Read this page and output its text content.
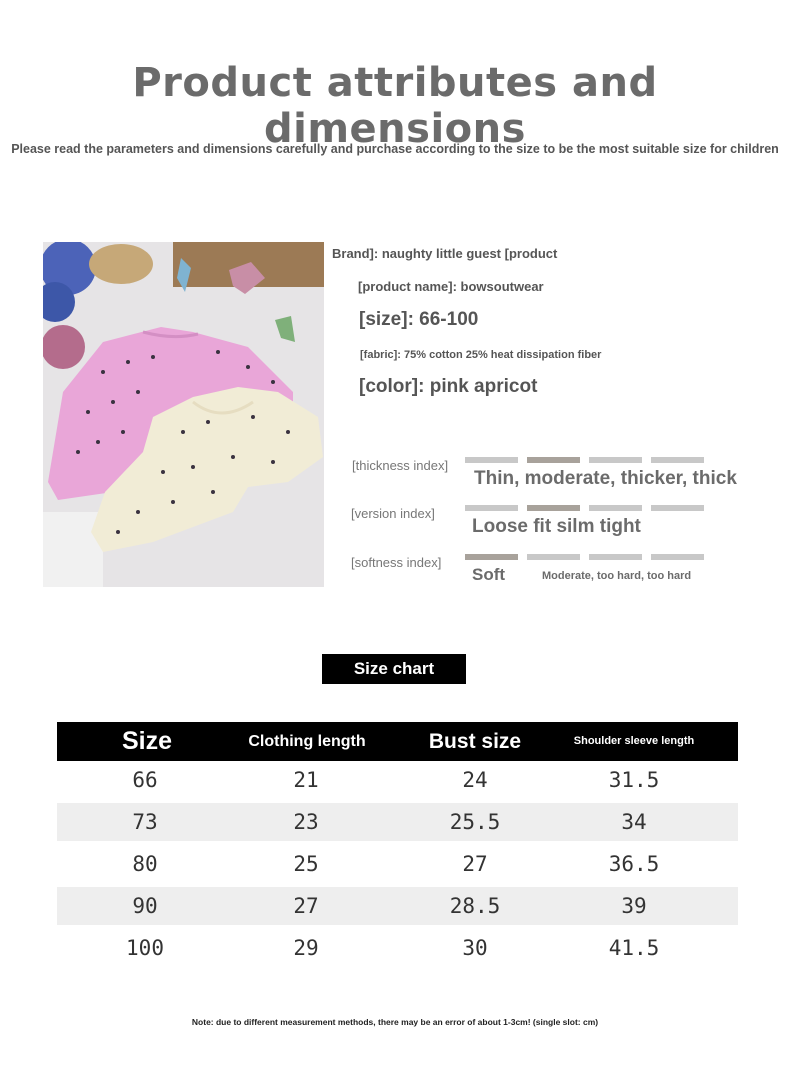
Product attributes and dimensions
Please read the parameters and dimensions carefully and purchase according to the size to be the most suitable size for children
Brand]: naughty little guest [product
[product name]: bowsoutwear
[size]: 66-100
[fabric]: 75% cotton 25% heat dissipation fiber
[color]: pink apricot
[thickness index]
Thin, moderate, thicker, thick
[version index]
Loose fit silm tight
[softness index]
Soft	Moderate, too hard, too hard
Size chart
Size	Clothing length	Bust size	Shoulder sleeve length
66	21	24	31.5
73	23	25.5	34
80	25	27	36.5
90	27	28.5	39
100	29	30	41.5
Note: due to different measurement methods, there may be an error of about 1-3cm! (single slot: cm)
